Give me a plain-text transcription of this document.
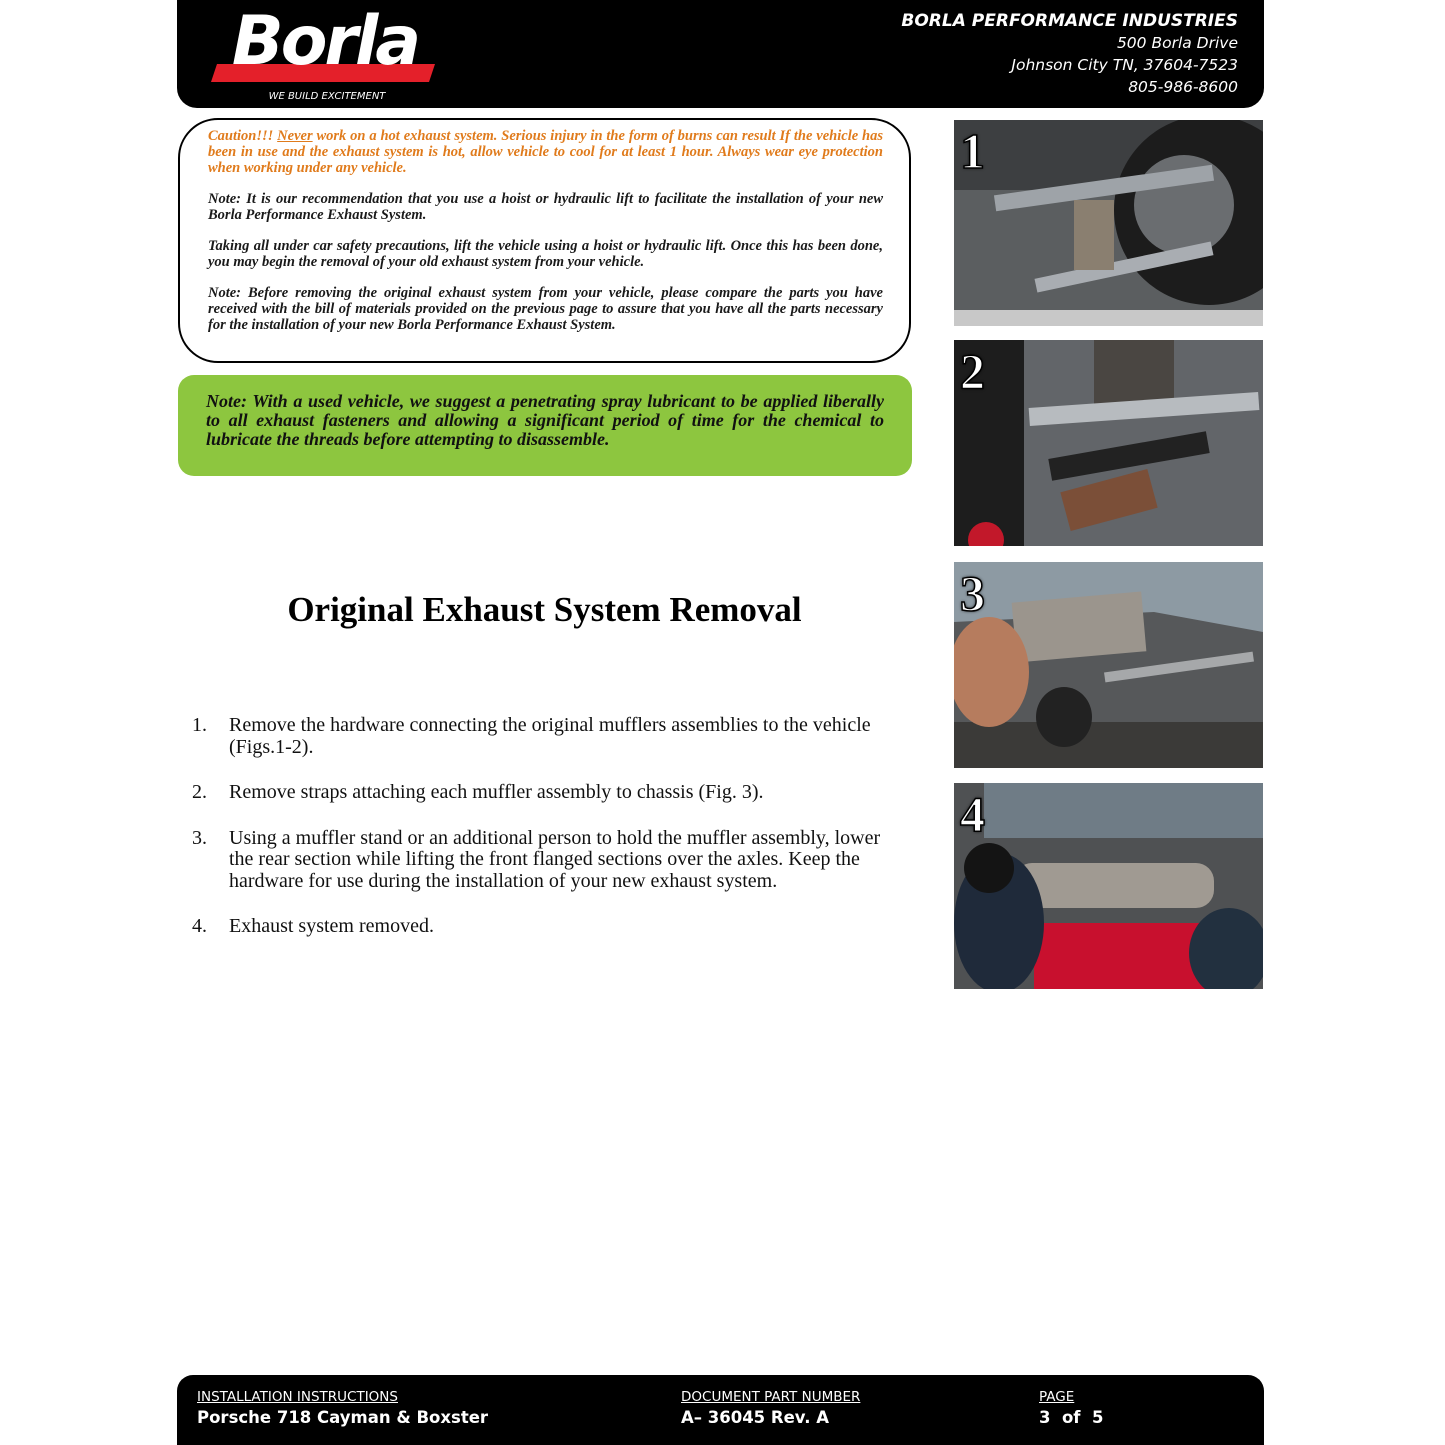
Borla
WE BUILD EXCITEMENT
BORLA PERFORMANCE INDUSTRIES
500 Borla Drive
Johnson City TN, 37604-7523
805-986-8600

Caution!!! Never work on a hot exhaust system. Serious injury in the form of burns can result If the vehicle has been in use and the exhaust system is hot, allow vehicle to cool for at least 1 hour. Always wear eye protection when working under any vehicle.

Note: It is our recommendation that you use a hoist or hydraulic lift to facilitate the installation of your new Borla Performance Exhaust System.

Taking all under car safety precautions, lift the vehicle using a hoist or hydraulic lift. Once this has been done, you may begin the removal of your old exhaust system from your vehicle.

Note: Before removing the original exhaust system from your vehicle, please compare the parts you have received with the bill of materials provided on the previous page to assure that you have all the parts necessary for the installation of your new Borla Performance Exhaust System.

Note: With a used vehicle, we suggest a penetrating spray lubricant to be applied liberally to all exhaust fasteners and allowing a significant period of time for the chemical to lubricate the threads before attempting to disassemble.
Original Exhaust System Removal
1.	Remove the hardware connecting the original mufflers assemblies to the vehicle (Figs.1-2).
2.	Remove straps attaching each muffler assembly to chassis (Fig. 3).
3.	Using a muffler stand or an additional person to hold the muffler assembly, lower the rear section while lifting the front flanged sections over the axles. Keep the hardware for use during the installation of your new exhaust system.
4.	Exhaust system removed.
1
2
3
4
INSTALLATION INSTRUCTIONS
Porsche 718 Cayman & Boxster
DOCUMENT PART NUMBER
A– 36045 Rev. A
PAGE
3  of  5
